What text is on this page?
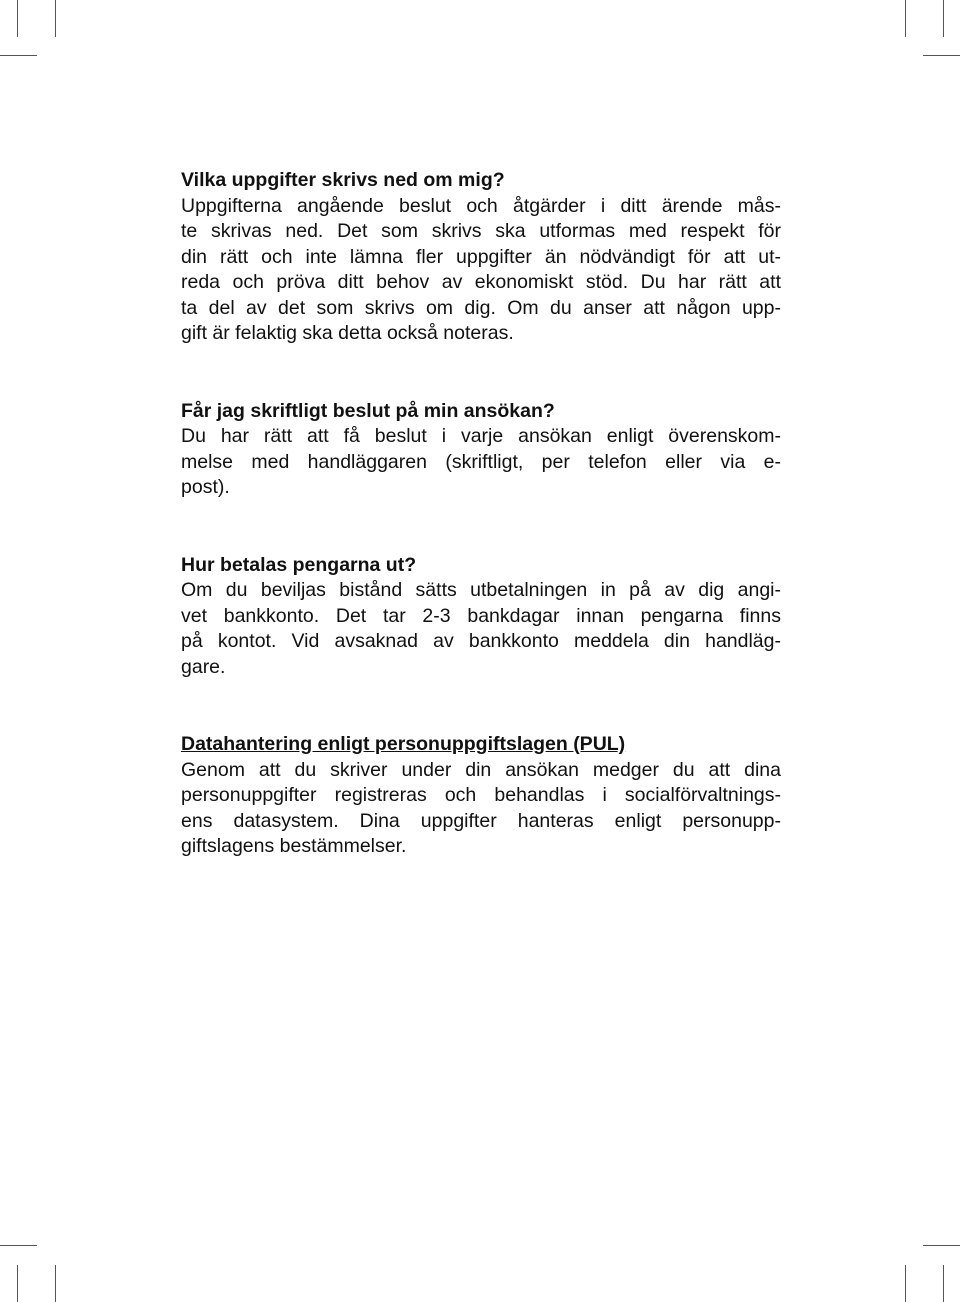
Vilka uppgifter skrivs ned om mig?
Uppgifterna angående beslut och åtgärder i ditt ärende mås-
te skrivas ned. Det som skrivs ska utformas med respekt för
din rätt och inte lämna fler uppgifter än nödvändigt för att ut-
reda och pröva ditt behov av ekonomiskt stöd. Du har rätt att
ta del av det som skrivs om dig. Om du anser att någon upp-
gift är felaktig ska detta också noteras.
Får jag skriftligt beslut på min ansökan?
Du har rätt att få beslut i varje ansökan enligt överenskom-
melse med handläggaren (skriftligt, per telefon eller via e-
post).
Hur betalas pengarna ut?
Om du beviljas bistånd sätts utbetalningen in på av dig angi-
vet bankkonto. Det tar 2-3 bankdagar innan pengarna finns
på kontot. Vid avsaknad av bankkonto meddela din handläg-
gare.
Datahantering enligt personuppgiftslagen (PUL)
Genom att du skriver under din ansökan medger du att dina
personuppgifter registreras och behandlas i socialförvaltnings-
ens datasystem. Dina uppgifter hanteras enligt personupp-
giftslagens bestämmelser.
